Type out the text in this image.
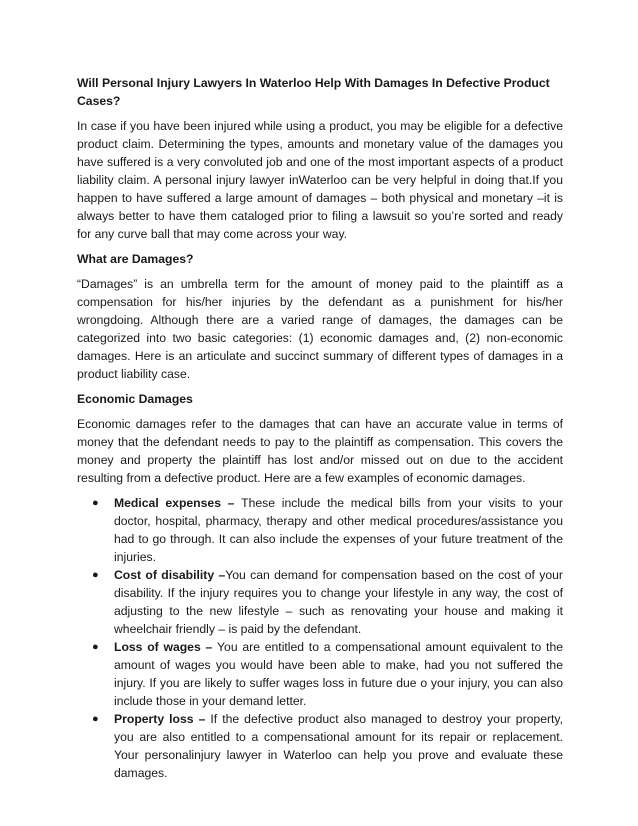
Will Personal Injury Lawyers In Waterloo Help With Damages In Defective Product Cases?

In case if you have been injured while using a product, you may be eligible for a defective product claim. Determining the types, amounts and monetary value of the damages you have suffered is a very convoluted job and one of the most important aspects of a product liability claim. A personal injury lawyer inWaterloo can be very helpful in doing that.If you happen to have suffered a large amount of damages – both physical and monetary –it is always better to have them cataloged prior to filing a lawsuit so you’re sorted and ready for any curve ball that may come across your way.

What are Damages?

“Damages” is an umbrella term for the amount of money paid to the plaintiff as a compensation for his/her injuries by the defendant as a punishment for his/her wrongdoing. Although there are a varied range of damages, the damages can be categorized into two basic categories: (1) economic damages and, (2) non-economic damages. Here is an articulate and succinct summary of different types of damages in a product liability case.

Economic Damages

Economic damages refer to the damages that can have an accurate value in terms of money that the defendant needs to pay to the plaintiff as compensation. This covers the money and property the plaintiff has lost and/or missed out on due to the accident resulting from a defective product. Here are a few examples of economic damages.

● Medical expenses – These include the medical bills from your visits to your doctor, hospital, pharmacy, therapy and other medical procedures/assistance you had to go through. It can also include the expenses of your future treatment of the injuries.
● Cost of disability –You can demand for compensation based on the cost of your disability. If the injury requires you to change your lifestyle in any way, the cost of adjusting to the new lifestyle – such as renovating your house and making it wheelchair friendly – is paid by the defendant.
● Loss of wages – You are entitled to a compensational amount equivalent to the amount of wages you would have been able to make, had you not suffered the injury. If you are likely to suffer wages loss in future due o your injury, you can also include those in your demand letter.
● Property loss – If the defective product also managed to destroy your property, you are also entitled to a compensational amount for its repair or replacement. Your personalinjury lawyer in Waterloo can help you prove and evaluate these damages.
